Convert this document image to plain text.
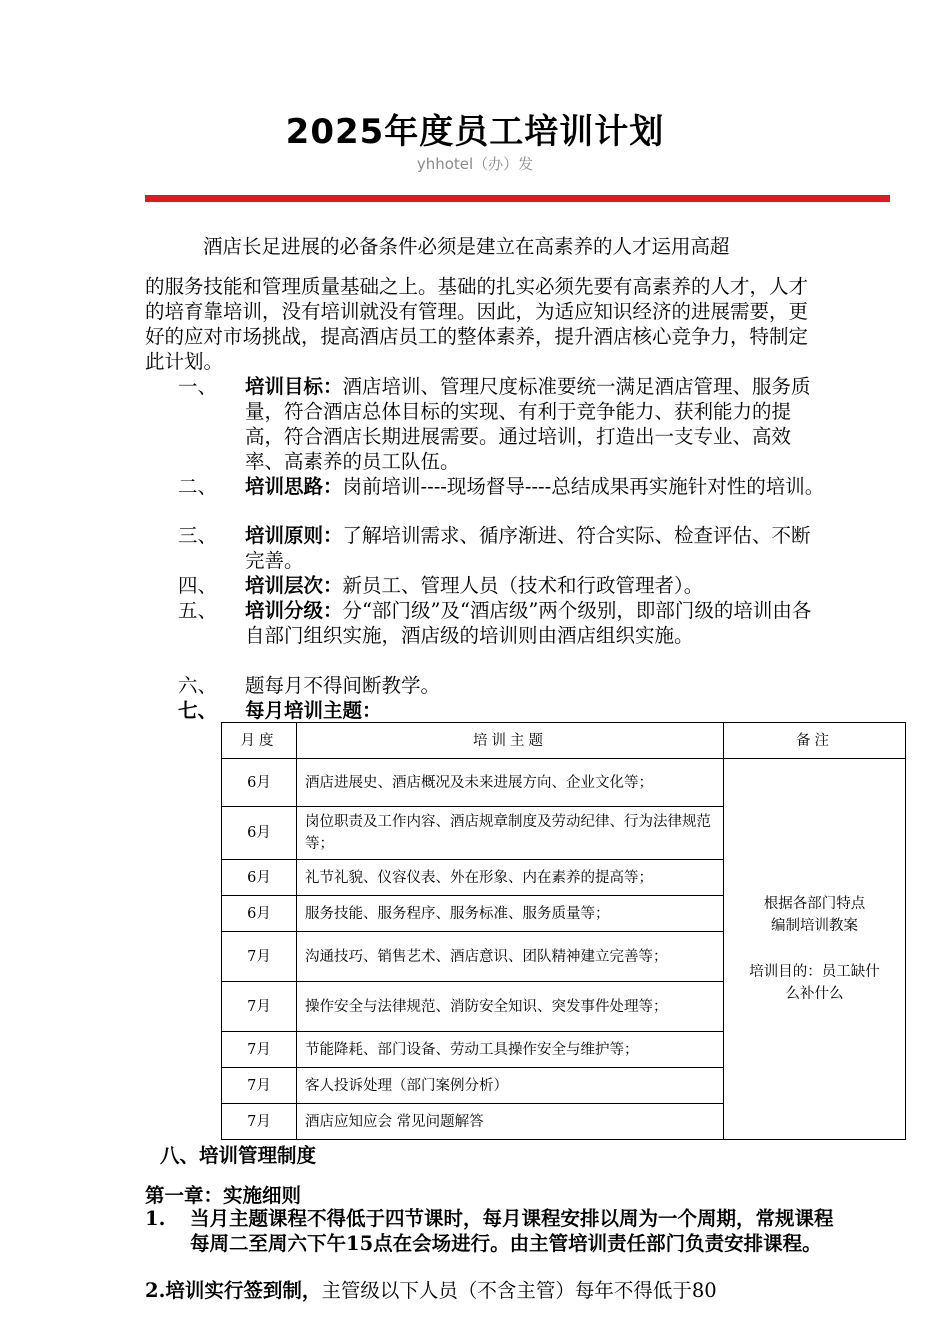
2025年度员工培训计划
yhhotel（办）发
酒店长足进展的必备条件必须是建立在高素养的人才运用高超
的服务技能和管理质量基础之上。基础的扎实必须先要有高素养的人才，人才的培育靠培训，没有培训就没有管理。因此，为适应知识经济的进展需要，更好的应对市场挑战，提高酒店员工的整体素养，提升酒店核心竞争力，特制定此计划。
一、	培训目标：酒店培训、管理尺度标准要统一满足酒店管理、服务质量，符合酒店总体目标的实现、有利于竞争能力、获利能力的提高，符合酒店长期进展需要。通过培训，打造出一支专业、高效率、高素养的员工队伍。
二、	培训思路：岗前培训----现场督导----总结成果再实施针对性的培训。
三、	培训原则：了解培训需求、循序渐进、符合实际、检查评估、不断完善。
四、	培训层次：新员工、管理人员（技术和行政管理者）。
五、	培训分级：分“部门级”及“酒店级”两个级别，即部门级的培训由各自部门组织实施，酒店级的培训则由酒店组织实施。
六、	题每月不得间断教学。
七、	每月培训主题：
月度	培训主题	备注
6月	酒店进展史、酒店概况及未来进展方向、企业文化等；	根据各部门特点
编制培训教案
培训目的：员工缺什
么补什么

6月	岗位职责及工作内容、酒店规章制度及劳动纪律、行为法律规范等；	
6月	礼节礼貌、仪容仪表、外在形象、内在素养的提高等；	
6月	服务技能、服务程序、服务标准、服务质量等；	
7月	沟通技巧、销售艺术、酒店意识、团队精神建立完善等；	
7月	操作安全与法律规范、消防安全知识、突发事件处理等；	
7月	节能降耗、部门设备、劳动工具操作安全与维护等；	
7月	客人投诉处理（部门案例分析）	
7月	酒店应知应会 常见问题解答	
八、培训管理制度
第一章：实施细则
1. 当月主题课程不得低于四节课时，每月课程安排以周为一个周期，常规课程每周二至周六下午15点在会场进行。由主管培训责任部门负责安排课程。
2.培训实行签到制，主管级以下人员（不含主管）每年不得低于80
